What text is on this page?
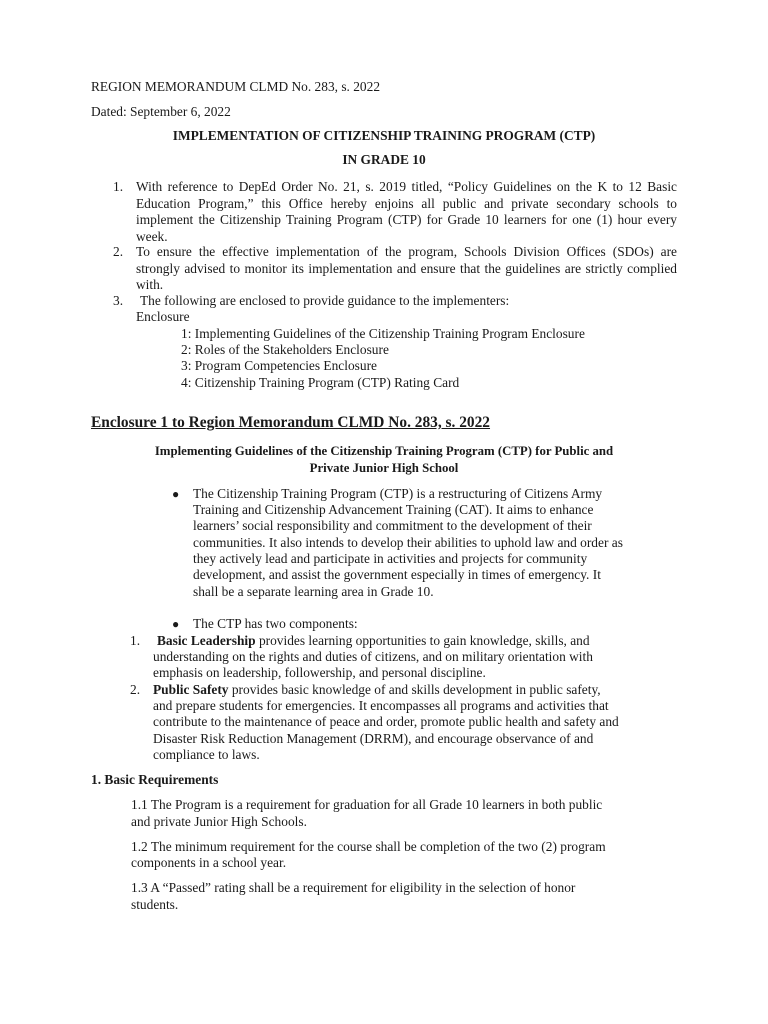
REGION MEMORANDUM CLMD No. 283, s. 2022

Dated: September 6, 2022

IMPLEMENTATION OF CITIZENSHIP TRAINING PROGRAM (CTP)

IN GRADE 10

1. With reference to DepEd Order No. 21, s. 2019 titled, “Policy Guidelines on the K to 12 Basic Education Program,” this Office hereby enjoins all public and private secondary schools to implement the Citizenship Training Program (CTP) for Grade 10 learners for one (1) hour every week.

2. To ensure the effective implementation of the program, Schools Division Offices (SDOs) are strongly advised to monitor its implementation and ensure that the guidelines are strictly complied with.

3. The following are enclosed to provide guidance to the implementers:

Enclosure

1: Implementing Guidelines of the Citizenship Training Program Enclosure

2: Roles of the Stakeholders Enclosure

3: Program Competencies Enclosure

4: Citizenship Training Program (CTP) Rating Card

Enclosure 1 to Region Memorandum CLMD No. 283, s. 2022

Implementing Guidelines of the Citizenship Training Program (CTP) for Public and

Private Junior High School

● The Citizenship Training Program (CTP) is a restructuring of Citizens Army

Training and Citizenship Advancement Training (CAT). It aims to enhance

learners’ social responsibility and commitment to the development of their

communities. It also intends to develop their abilities to uphold law and order as

they actively lead and participate in activities and projects for community

development, and assist the government especially in times of emergency. It

shall be a separate learning area in Grade 10.

● The CTP has two components:

1. Basic Leadership provides learning opportunities to gain knowledge, skills, and

understanding on the rights and duties of citizens, and on military orientation with

emphasis on leadership, followership, and personal discipline.

2. Public Safety provides basic knowledge of and skills development in public safety,

and prepare students for emergencies. It encompasses all programs and activities that

contribute to the maintenance of peace and order, promote public health and safety and

Disaster Risk Reduction Management (DRRM), and encourage observance of and

compliance to laws.

1. Basic Requirements

1.1 The Program is a requirement for graduation for all Grade 10 learners in both public

and private Junior High Schools.

1.2 The minimum requirement for the course shall be completion of the two (2) program

components in a school year.

1.3 A “Passed” rating shall be a requirement for eligibility in the selection of honor

students.
